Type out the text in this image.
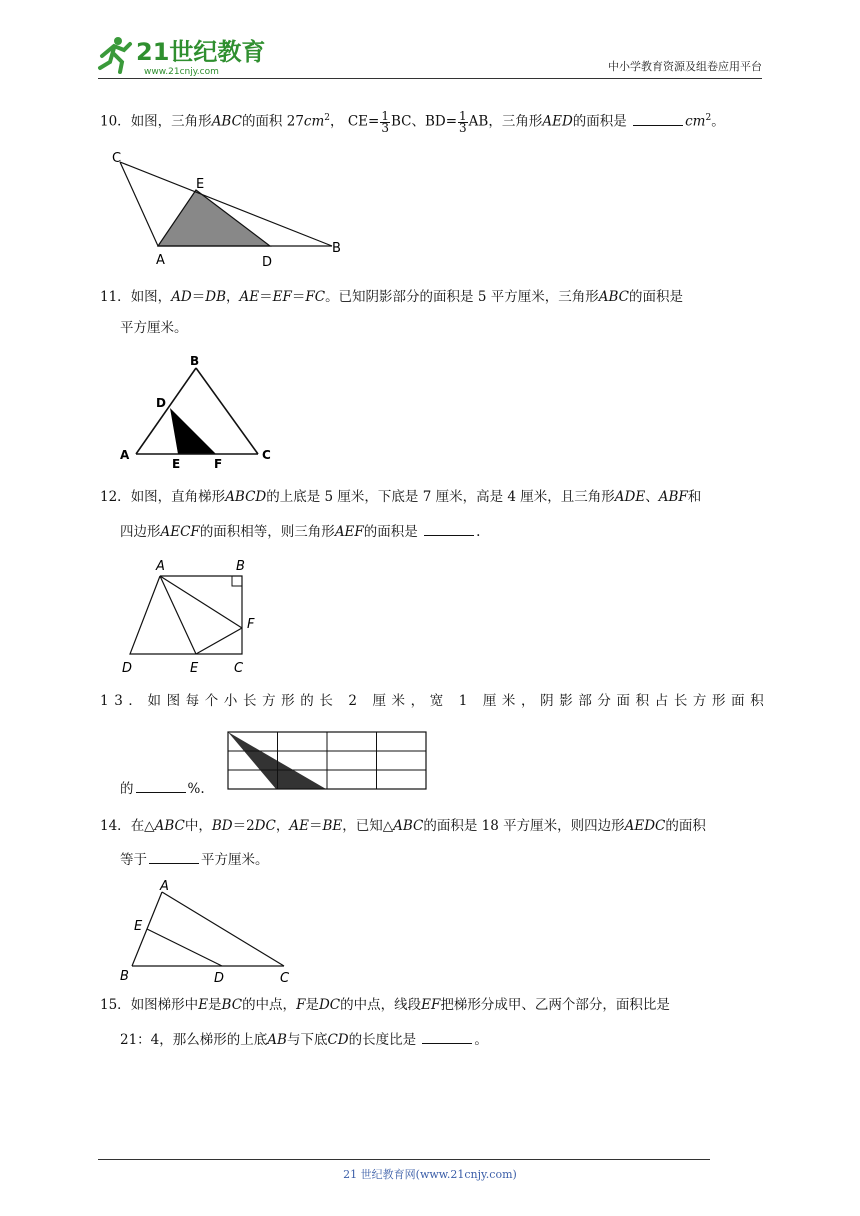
21世纪教育
www.21cnjy.com	中小学教育资源及组卷应用平台
10．如图，三角形ABC的面积 $27cm^2$， $CE= \frac{1}{3}$ BC、$BD= \frac{1}{3}$ AB，三角形AED的面积是	$cm^2$。
C
E
A	D
B
11．如图，AD＝DB，AE＝EF＝FC。已知阴影部分的面积是 5 平方厘米，三角形ABC的面积是
平方厘米。
B
D
A
E	F
C
12．如图，直角梯形ABCD的上底是 5 厘米，下底是 7 厘米，高是 4 厘米，且三角形ADE、ABF和
四边形AECF的面积相等，则三角形AEF的面积是	.
A	B
F
D	E	C
13．如图每个小长方形的长 2 厘米，宽 1 厘米，阴影部分面积占长方形面积
的	%.
14．在△ABC中，BD＝2DC，AE＝BE，已知△ABC的面积是 18 平方厘米，则四边形AEDC的面积
等于	平方厘米。
A
E
B	D	C
15．如图梯形中E是BC的中点，F是DC的中点，线段EF把梯形分成甲、乙两个部分，面积比是
21：4，那么梯形的上底AB与下底CD的长度比是	。
21 世纪教育网(www.21cnjy.com)
